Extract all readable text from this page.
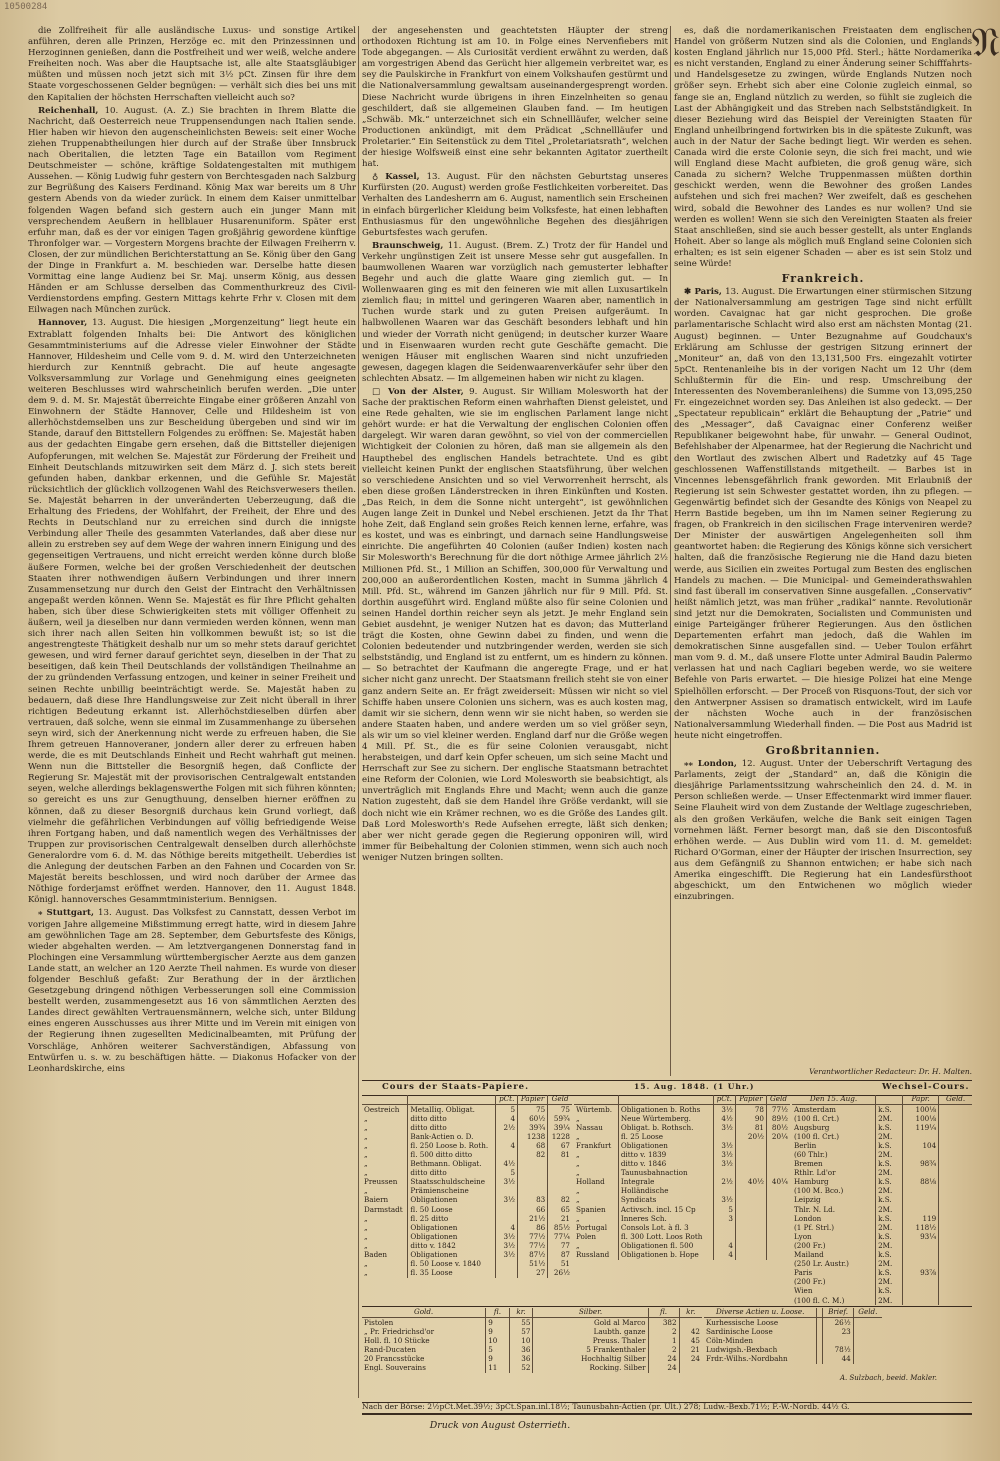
10500284

die Zollfreiheit für alle ausländische Luxus- und sonstige Artikel anführen, deren alle Prinzen, Herzöge ec. mit den Prinzessinnen und Herzoginnen genießen, dann die Postfreiheit und wer weiß, welche andere Freiheiten noch. Was aber die Hauptsache ist, alle alte Staatsgläubiger müßten und müssen noch jetzt sich mit 3½ pCt. Zinsen für ihre dem Staate vorgeschossenen Gelder begnügen: — verhält sich dies bei uns mit den Kapitalien der höchsten Herrschaften vielleicht auch so?

Reichenhall, 10. August. (A. Z.) Sie brachten in Ihrem Blatte die Nachricht, daß Oesterreich neue Truppensendungen nach Italien sende. Hier haben wir hievon den augenscheinlichsten Beweis: seit einer Woche ziehen Truppenabtheilungen hier durch auf der Straße über Innsbruck nach Oberitalien, die letzten Tage ein Bataillon vom Regiment Deutschmeister — schöne, kräftige Soldatengestalten mit muthigem Aussehen. — König Ludwig fuhr gestern von Berchtesgaden nach Salzburg zur Begrüßung des Kaisers Ferdinand. König Max war bereits um 8 Uhr gestern Abends von da wieder zurück. In einem dem Kaiser unmittelbar folgenden Wagen befand sich gestern auch ein junger Mann mit versprechendem Aeußern in hellblauer Husarenuniform. Später erst erfuhr man, daß es der vor einigen Tagen großjährig gewordene künftige Thronfolger war. — Vorgestern Morgens brachte der Eilwagen Freiherrn v. Closen, der zur mündlichen Berichterstattung an Se. König über den Gang der Dinge in Frankfurt a. M. beschieden war. Derselbe hatte diesen Vormittag eine lange Audienz bei Sr. Maj. unserm König, aus dessen Händen er am Schlusse derselben das Commenthurkreuz des Civil-Verdienstordens empfing. Gestern Mittags kehrte Frhr v. Closen mit dem Eilwagen nach München zurück.

Hannover, 13. August. Die hiesigen „Morgenzeitung“ liegt heute ein Extrablatt folgenden Inhalts bei: Die Antwort des königlichen Gesammtministeriums auf die Adresse vieler Einwohner der Städte Hannover, Hildesheim und Celle vom 9. d. M. wird den Unterzeichneten hierdurch zur Kenntniß gebracht. Die auf heute angesagte Volksversammlung zur Vorlage und Genehmigung eines geeigneten weiteren Beschlusses wird wahrscheinlich berufen werden. „Die unter dem 9. d. M. Sr. Majestät überreichte Eingabe einer größeren Anzahl von Einwohnern der Städte Hannover, Celle und Hildesheim ist von allerhöchstdemselben uns zur Bescheidung übergeben und sind wir im Stande, darauf den Bittstellern Folgendes zu eröffnen: Se. Majestät haben aus der gedachten Eingabe gern ersehen, daß die Bittsteller diejenigen Aufopferungen, mit welchen Se. Majestät zur Förderung der Freiheit und Einheit Deutschlands mitzuwirken seit dem März d. J. sich stets bereit gefunden haben, dankbar erkennen, und die Gefühle Sr. Majestät rücksichtlich der glücklich vollzogenen Wahl des Reichsverwesers theilen. Se. Majestät beharren in der unveränderten Ueberzeugung, daß die Erhaltung des Friedens, der Wohlfahrt, der Freiheit, der Ehre und des Rechts in Deutschland nur zu erreichen sind durch die innigste Verbindung aller Theile des gesammten Vaterlandes, daß aber diese nur allein zu erstreben sey auf dem Wege der wahren innern Einigung und des gegenseitigen Vertrauens, und nicht erreicht werden könne durch bloße äußere Formen, welche bei der großen Verschiedenheit der deutschen Staaten ihrer nothwendigen äußern Verbindungen und ihrer innern Zusammensetzung nur durch den Geist der Eintracht den Verhältnissen angepaßt werden können. Wenn Se. Majestät es für Ihre Pflicht gehalten haben, sich über diese Schwierigkeiten stets mit völliger Offenheit zu äußern, weil ja dieselben nur dann vermieden werden können, wenn man sich ihrer nach allen Seiten hin vollkommen bewußt ist; so ist die angestrengteste Thätigkeit deshalb nur um so mehr stets darauf gerichtet gewesen, und wird ferner darauf gerichtet seyn, dieselben in der That zu beseitigen, daß kein Theil Deutschlands der vollständigen Theilnahme an der zu gründenden Verfassung entzogen, und keiner in seiner Freiheit und seinen Rechte unbillig beeinträchtigt werde. Se. Majestät haben zu bedauern, daß diese Ihre Handlungsweise zur Zeit nicht überall in ihrer richtigen Bedeutung erkannt ist. Allerhöchstdieselben dürfen aber vertrauen, daß solche, wenn sie einmal im Zusammenhange zu übersehen seyn wird, sich der Anerkennung nicht werde zu erfreuen haben, die Sie Ihrem getreuen Hannoveraner, jondern aller derer zu erfreuen haben werde, die es mit Deutschlands Einheit und Recht wahrhaft gut meinen. Wenn nun die Bittsteller die Besorgniß hegen, daß Conflicte der Regierung Sr. Majestät mit der provisorischen Centralgewalt entstanden seyen, welche allerdings beklagenswerthe Folgen mit sich führen könnten; so gereicht es uns zur Genugthuung, denselben hierner eröffnen zu können, daß zu dieser Besorgniß durchaus kein Grund vorliegt, daß vielmehr die gefährlichen Verbindungen auf völlig befriedigende Weise ihren Fortgang haben, und daß namentlich wegen des Verhältnisses der Truppen zur provisorischen Centralgewalt denselben durch allerhöchste Generalordre vom 6. d. M. das Nöthige bereits mitgetheilt. Ueberdies ist die Anlegung der deutschen Farben an den Fahnen und Cocarden von Sr. Majestät bereits beschlossen, und wird noch darüber der Armee das Nöthige forderjamst eröffnet werden. Hannover, den 11. August 1848. Königl. hannoversches Gesammtministerium. Bennigsen.

⁎ Stuttgart, 13. August. Das Volksfest zu Cannstatt, dessen Verbot im vorigen Jahre allgemeine Mißstimmung erregt hatte, wird in diesem Jahre am gewöhnlichen Tage am 28. September, dem Geburtsfeste des Königs, wieder abgehalten werden. — Am letztvergangenen Donnerstag fand in Plochingen eine Versammlung württembergischer Aerzte aus dem ganzen Lande statt, an welcher an 120 Aerzte Theil nahmen. Es wurde von dieser folgender Beschluß gefaßt: Zur Berathung der in der ärztlichen Gesetzgebung dringend nöthigen Verbesserungen soll eine Commission bestellt werden, zusammengesetzt aus 16 von sämmtlichen Aerzten des Landes direct gewählten Vertrauensmännern, welche sich, unter Bildung eines engeren Ausschusses aus ihrer Mitte und im Verein mit einigen von der Regierung ihnen zugesellten Medicinalbeamten, mit Prüfung der Vorschläge, Anhören weiterer Sachverständigen, Abfassung von Entwürfen u. s. w. zu beschäftigen hätte. — Diakonus Hofacker von der Leonhardskirche, eins

der angesehensten und geachtetsten Häupter der streng orthodoxen Richtung ist am 10. in Folge eines Nervenfiebers mit Tode abgegangen. — Als Curiosität verdient erwähnt zu werden, daß am vorgestrigen Abend das Gerücht hier allgemein verbreitet war, es sey die Paulskirche in Frankfurt von einem Volkshaufen gestürmt und die Nationalversammlung gewaltsam auseinandergesprengt worden. Diese Nachricht wurde übrigens in ihren Einzelnheiten so genau geschildert, daß sie allgemeinen Glauben fand. — Im heutigen „Schwäb. Mk.“ unterzeichnet sich ein Schnellläufer, welcher seine Productionen ankündigt, mit dem Prädicat „Schnellläufer und Proletarier.“ Ein Seitenstück zu dem Titel „Proletariatsrath“, welchen der hiesige Wolfsweiß einst eine sehr bekannten Agitator zuertheilt hat.

♁ Kassel, 13. August. Für den nächsten Geburtstag unseres Kurfürsten (20. August) werden große Festlichkeiten vorbereitet. Das Verhalten des Landesherrn am 6. August, namentlich sein Erscheinen in einfach bürgerlicher Kleidung beim Volksfeste, hat einen lebhaften Enthusiasmus für den ungewöhnliche Begehen des diesjährigen Geburtsfestes wach gerufen.

Braunschweig, 11. August. (Brem. Z.) Trotz der für Handel und Verkehr ungünstigen Zeit ist unsere Messe sehr gut ausgefallen. In baumwollenen Waaren war vorzüglich nach gemusterter lebhafter Begehr und auch die glatte Waare ging ziemlich gut. — In Wollenwaaren ging es mit den feineren wie mit allen Luxusartikeln ziemlich flau; in mittel und geringeren Waaren aber, namentlich in Tuchen wurde stark und zu guten Preisen aufgeräumt. In halbwollenen Waaren war das Geschäft besonders lebhaft und hin und wieder der Vorrath nicht genügend; in deutscher kurzer Waare und in Eisenwaaren wurden recht gute Geschäfte gemacht. Die wenigen Häuser mit englischen Waaren sind nicht unzufrieden gewesen, dagegen klagen die Seidenwaarenverkäufer sehr über den schlechten Absatz. — Im allgemeinen haben wir nicht zu klagen.

□ Von der Alster, 9. August. Sir William Molesworth hat der Sache der praktischen Reform einen wahrhaften Dienst geleistet, und eine Rede gehalten, wie sie im englischen Parlament lange nicht gehört wurde: er hat die Verwaltung der englischen Colonien offen dargelegt. Wir waren daran gewöhnt, so viel von der commerciellen Wichtigkeit der Colonien zu hören, daß man sie allgemein als den Haupthebel des englischen Handels betrachtete. Und es gibt vielleicht keinen Punkt der englischen Staatsführung, über welchen so verschiedene Ansichten und so viel Verworrenheit herrscht, als eben diese großen Länderstrecken in ihren Einkünften und Kosten. „Das Reich, in dem die Sonne nicht untergeht“, ist gewöhnlichen Augen lange Zeit in Dunkel und Nebel erschienen. Jetzt da Ihr That hohe Zeit, daß England sein großes Reich kennen lerne, erfahre, was es kostet, und was es einbringt, und darnach seine Handlungsweise einrichte. Die angeführten 40 Colonien (außer Indien) kosten nach Sir Molesworth's Berechnung für die dort nöthige Armee jährlich 2½ Millionen Pfd. St., 1 Million an Schiffen, 300,000 für Verwaltung und 200,000 an außerordentlichen Kosten, macht in Summa jährlich 4 Mill. Pfd. St., während im Ganzen jährlich nur für 9 Mill. Pfd. St. dorthin ausgeführt wird. England müßte also für seine Colonien und seinen Handel dorthin reicher seyn als jetzt. Je mehr England sein Gebiet ausdehnt, je weniger Nutzen hat es davon; das Mutterland trägt die Kosten, ohne Gewinn dabei zu finden, und wenn die Colonien bedeutender und nutzbringender werden, werden sie sich selbstständig, und England ist zu entfernt, um es hindern zu können. — So betrachtet der Kaufmann die angeregte Frage, und er hat sicher nicht ganz unrecht. Der Staatsmann freilich steht sie von einer ganz andern Seite an. Er frägt zweiderseit: Müssen wir nicht so viel Schiffe haben unsere Colonien uns sichern, was es auch kosten mag, damit wir sie sichern, denn wenn wir sie nicht haben, so werden sie andere Staaten haben, und andere werden um so viel größer seyn, als wir um so viel kleiner werden. England darf nur die Größe wegen 4 Mill. Pf. St., die es für seine Colonien verausgabt, nicht herabsteigen, und darf kein Opfer scheuen, um sich seine Macht und Herrschaft zur See zu sichern. Der englische Staatsmann betrachtet eine Reform der Colonien, wie Lord Molesworth sie beabsichtigt, als unverträglich mit Englands Ehre und Macht; wenn auch die ganze Nation zugesteht, daß sie dem Handel ihre Größe verdankt, will sie doch nicht wie ein Krämer rechnen, wo es die Größe des Landes gilt. Daß Lord Molesworth's Rede Aufsehen erregte, läßt sich denken; aber wer nicht gerade gegen die Regierung opponiren will, wird immer für Beibehaltung der Colonien stimmen, wenn sich auch noch weniger Nutzen bringen sollten.

es, daß die nordamerikanischen Freistaaten dem englischen Handel von größerm Nutzen sind als die Colonien, und Englands kosten England jährlich nur 15,000 Pfd. Sterl.; hätte Nordamerika es nicht verstanden, England zu einer Änderung seiner Schifffahrts- und Handelsgesetze zu zwingen, würde Englands Nutzen noch größer seyn. Erhebt sich aber eine Colonie zugleich einmal, so fange sie an, England nützlich zu werden, so fühlt sie zugleich die Last der Abhängigkeit und das Streben nach Selbstständigkeit. In dieser Beziehung wird das Beispiel der Vereinigten Staaten für England unheilbringend fortwirken bis in die späteste Zukunft, was auch in der Natur der Sache bedingt liegt. Wir werden es sehen. Canada wird die erste Colonie seyn, die sich frei macht, und wie will England diese Macht aufbieten, die groß genug wäre, sich Canada zu sichern? Welche Truppenmassen müßten dorthin geschickt werden, wenn die Bewohner des großen Landes aufstehen und sich frei machen? Wer zweifelt, daß es geschehen wird, sobald die Bewohner des Landes es nur wollen? Und sie werden es wollen! Wenn sie sich den Vereinigten Staaten als freier Staat anschließen, sind sie auch besser gestellt, als unter Englands Hoheit. Aber so lange als möglich muß England seine Colonien sich erhalten; es ist sein eigener Schaden — aber es ist sein Stolz und seine Würde!

Frankreich.

✱ Paris, 13. August. Die Erwartungen einer stürmischen Sitzung der Nationalversammlung am gestrigen Tage sind nicht erfüllt worden. Cavaignac hat gar nicht gesprochen. Die große parlamentarische Schlacht wird also erst am nächsten Montag (21. August) beginnen. — Unter Bezugnahme auf Goudchaux's Erklärung am Schlusse der gestrigen Sitzung erinnert der „Moniteur“ an, daß von den 13,131,500 Frs. eingezahlt votirter 5pCt. Rentenanleihe bis in der vorigen Nacht um 12 Uhr (dem Schlußtermin für die Ein- und resp. Umschreibung der Interessenten des Novemberanleihens) die Summe von 13,095,250 Fr. eingezeichnet worden sey. Das Anleihen ist also gedeckt. — Der „Spectateur republicain“ erklärt die Behauptung der „Patrie“ und des „Messager“, daß Cavaignac einer Conferenz weißer Republikaner beigewohnt habe, für unwahr. — General Oudinot, Befehlshaber der Alpenarmee, hat der Regierung die Nachricht und den Wortlaut des zwischen Albert und Radetzky auf 45 Tage geschlossenen Waffenstillstands mitgetheilt. — Barbes ist in Vincennes lebensgefährlich frank geworden. Mit Erlaubniß der Regierung ist sein Schwester gestattet worden, ihn zu pflegen. — Gegenwärtig befindet sich der Gesandte des Königs von Neapel zu Herrn Bastide begeben, um ihn im Namen seiner Regierung zu fragen, ob Frankreich in den sicilischen Frage interveniren werde? Der Minister der auswärtigen Angelegenheiten soll ihm geantwortet haben: die Regierung des Königs könne sich versichert halten, daß die französische Regierung nie die Hand dazu bieten werde, aus Sicilien ein zweites Portugal zum Besten des englischen Handels zu machen. — Die Municipal- und Gemeinderathswahlen sind fast überall im conservativen Sinne ausgefallen. „Conservativ“ heißt nämlich jetzt, was man früher „radikal“ nannte. Revolutionär sind jetzt nur die Demokraten, Socialisten und Communisten und einige Parteigänger früherer Regierungen. Aus den östlichen Departementen erfahrt man jedoch, daß die Wahlen im demokratischen Sinne ausgefallen sind. — Ueber Toulon erfährt man vom 9. d. M., daß unsere Flotte unter Admiral Baudin Palermo verlassen hat und nach Cagliari begeben werde, wo sie weitere Befehle von Paris erwartet. — Die hiesige Polizei hat eine Menge Spielhöllen erforscht. — Der Proceß von Risquons-Tout, der sich vor den Antwerpner Assisen so dramatisch entwickelt, wird im Laufe der nächsten Woche auch in der französischen Nationalversammlung Wiederhall finden. — Die Post aus Madrid ist heute nicht eingetroffen.

Großbritannien.

⁎⁎ London, 12. August. Unter der Ueberschrift Vertagung des Parlaments, zeigt der „Standard“ an, daß die Königin die diesjährige Parlamentssitzung wahrscheinlich den 24. d. M. in Person schließen werde. — Unser Effectenmarkt wird immer flauer. Seine Flauheit wird von dem Zustande der Weltlage zugeschrieben, als den großen Verkäufen, welche die Bank seit einigen Tagen vornehmen läßt. Ferner besorgt man, daß sie den Discontosfuß erhöhen werde. — Aus Dublin wird vom 11. d. M. gemeldet: Richard O'Gorman, einer der Häupter der irischen Insurrection, sey aus dem Gefängniß zu Shannon entwichen; er habe sich nach Amerika eingeschifft. Die Regierung hat ein Landesfürsthoot abgeschickt, um den Entwichenen wo möglich wieder einzubringen.

𝔑
Verantwortlicher Redacteur: Dr. H. Malten.
Cours der Staats-Papiere.	15. Aug. 1848. (1 Uhr.)	Wechsel-Cours.
		pCt.	Papier	Geld
Oestreich	MetalIiq. Obligat.	5	75	75
„	ditto ditto	4	60½	59¾
„	ditto ditto	2½	39¾	39¼
„	Bank-Actien o. D.		1238	1228
„	fl. 250 Loose b. Roth.	4	68	67
„	fl. 500 ditto ditto		82	81
„	Bethmann. Obligat.	4½		
„	ditto ditto	5		
Preussen	Staatsschuldscheine	3½		
„	Prämienscheine			
Baiern	Obligationen	3½	83	82
Darmstadt	fl. 50 Loose		66	65
„	fl. 25 ditto		21½	21
„	Obligationen	4	86	85½
„	Obligationen	3½	77½	77¼
„	ditto v. 1842	3½	77½	77
Baden	Obligationen	3½	87½	87
„	fl. 50 Loose v. 1840		51½	51
„	fl. 35 Loose		27	26½
		pCt.	Papier	Geld
Würtemb.	Obligationen b. Roths	3½	78	77½
„	Neue Würtemberg.	4½	90	89½
Nassau	Obligat. b. Rothsch.	3½	81	80½
„	fl. 25 Loose		20½	20¼
Frankfurt	Obligationen	3½		
„	ditto v. 1839	3½		
„	ditto v. 1846	3½		
„	Taunusbahnaction			
Holland	Integrale	2½	40½	40¼
„	Holländische			
„	Syndicats	3½		
Spanien	Activsch. incl. 15 Cp	5		
„	Inneres Sch.	3		
Portugal	Consols Lot. à fl. 3			
Polen	fl. 300 Lott. Loos Roth			
„	Obligationen fl. 500	4		
Russland	Obligationen b. Hope	4		
Den 15. Aug.		Papr.	Geld.
Amsterdam	k.S.	100⅛	
(100 fl. Crt.)	2M.	100⅛	
Augsburg	k.S.	119¼	
(100 fl. Crt.)	2M.		
Berlin	k.S.	104	
(60 Thlr.)	2M.		
Bremen	k.S.	98¾	
Rthlr. Ld'or	2M.		
Hamburg	k.S.	88⅛	
(100 M. Bco.)	2M.		
Leipzig	k.S.		
Thlr. N. Ld.	2M.		
London	k.S.	119	
(1 Pf. Strl.)	2M.	118½	
Lyon	k.S.	93¼	
(200 Fr.)	2M.		
Mailand	k.S.		
(250 Lr. Austr.)	2M.		
Paris	k.S.	93⅞	
(200 Fr.)	2M.		
Wien	k.S.		
(100 fl. C. M.)	2M.		
Gold.	fl.	kr.	Silber.	fl.	kr.
Pistolen	9	55	Gold al Marco	382	
„ Pr. Friedrichsd'or	9	57	Laubth. ganze	2	42
Holl. fl. 10 Stücke	10	10	Preuss. Thaler	1	45
Rand-Ducaten	5	36	5 Frankenthaler	2	21
20 Francsstücke	9	36	Hochhaltig Silber	24	24
Engl. Souverains	11	52	Rocking. Silber	24	
Diverse Actien u. Loose.		Brief.	Geld.
Kurhessische Loose		26½	
Sardinische Loose		23	
Cöln-Minden			
Ludwigsh.-Bexbach		78½	
Frdr.-Wilhs.-Nordbahn		44	
Nach der Börse: 2½pCt.Met.39½; 3pCt.Span.inl.18½; Taunusbahn-Actien (pr. Ult.) 278; Ludw.-Bexb.71½; F.-W.-Nordb. 44½ G.
A. Sulzbach, beeid. Makler.
Druck von August Osterrieth.
